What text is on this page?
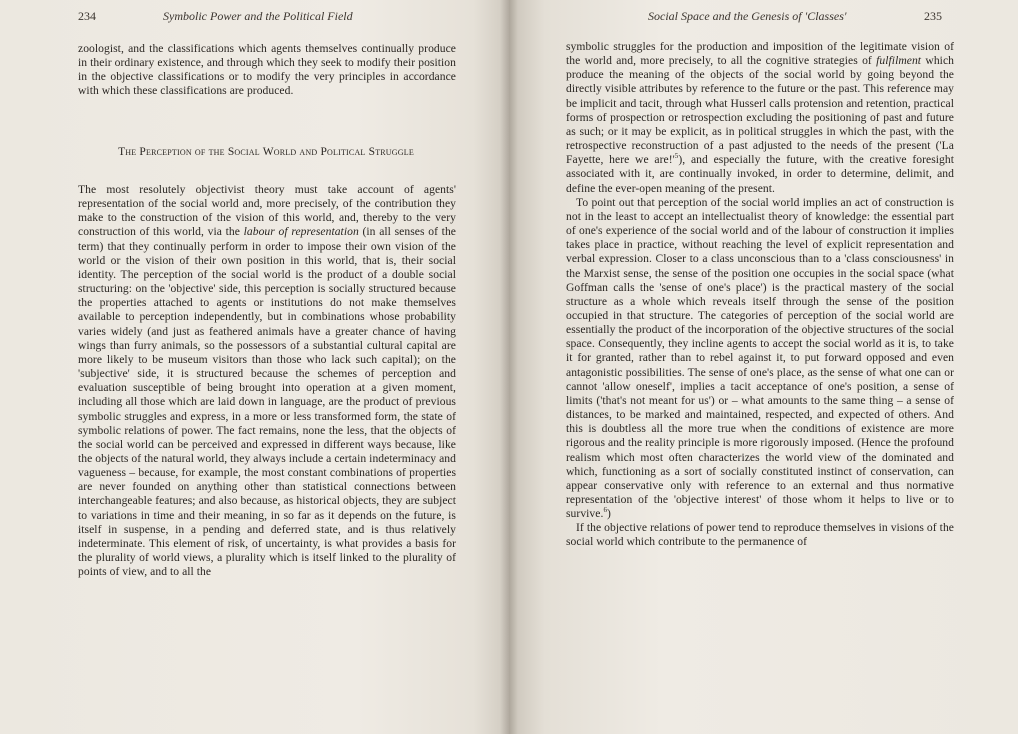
234	Symbolic Power and the Political Field

zoologist, and the classifications which agents themselves continually produce in their ordinary existence, and through which they seek to modify their position in the objective classifications or to modify the very principles in accordance with which these classifications are produced.

The Perception of the Social World and Political Struggle

The most resolutely objectivist theory must take account of agents' representation of the social world and, more precisely, of the contribution they make to the construction of the vision of this world, and, thereby to the very construction of this world, via the labour of representation (in all senses of the term) that they continually perform in order to impose their own vision of the world or the vision of their own position in this world, that is, their social identity. The perception of the social world is the product of a double social structuring: on the 'objective' side, this perception is socially structured because the properties attached to agents or institutions do not make themselves available to perception independently, but in combinations whose probability varies widely (and just as feathered animals have a greater chance of having wings than furry animals, so the possessors of a substantial cultural capital are more likely to be museum visitors than those who lack such capital); on the 'subjective' side, it is structured because the schemes of perception and evaluation susceptible of being brought into operation at a given moment, including all those which are laid down in language, are the product of previous symbolic struggles and express, in a more or less transformed form, the state of symbolic relations of power. The fact remains, none the less, that the objects of the social world can be perceived and expressed in different ways because, like the objects of the natural world, they always include a certain indeterminacy and vagueness – because, for example, the most constant combinations of properties are never founded on anything other than statistical connections between interchangeable features; and also because, as historical objects, they are subject to variations in time and their meaning, in so far as it depends on the future, is itself in suspense, in a pending and deferred state, and is thus relatively indeterminate. This element of risk, of uncertainty, is what provides a basis for the plurality of world views, a plurality which is itself linked to the plurality of points of view, and to all the

Social Space and the Genesis of 'Classes'	235

symbolic struggles for the production and imposition of the legitimate vision of the world and, more precisely, to all the cognitive strategies of fulfilment which produce the meaning of the objects of the social world by going beyond the directly visible attributes by reference to the future or the past. This reference may be implicit and tacit, through what Husserl calls protension and retention, practical forms of prospection or retrospection excluding the positioning of past and future as such; or it may be explicit, as in political struggles in which the past, with the retrospective reconstruction of a past adjusted to the needs of the present ('La Fayette, here we $are!'^5$), and especially the future, with the creative foresight associated with it, are continually invoked, in order to determine, delimit, and define the ever-open meaning of the present.

To point out that perception of the social world implies an act of construction is not in the least to accept an intellectualist theory of knowledge: the essential part of one's experience of the social world and of the labour of construction it implies takes place in practice, without reaching the level of explicit representation and verbal expression. Closer to a class unconscious than to a 'class consciousness' in the Marxist sense, the sense of the position one occupies in the social space (what Goffman calls the 'sense of one's place') is the practical mastery of the social structure as a whole which reveals itself through the sense of the position occupied in that structure. The categories of perception of the social world are essentially the product of the incorporation of the objective structures of the social space. Consequently, they incline agents to accept the social world as it is, to take it for granted, rather than to rebel against it, to put forward opposed and even antagonistic possibilities. The sense of one's place, as the sense of what one can or cannot 'allow oneself', implies a tacit acceptance of one's position, a sense of limits ('that's not meant for us') or – what amounts to the same thing – a sense of distances, to be marked and maintained, respected, and expected of others. And this is doubtless all the more true when the conditions of existence are more rigorous and the reality principle is more rigorously imposed. (Hence the profound realism which most often characterizes the world view of the dominated and which, functioning as a sort of socially constituted instinct of conservation, can appear conservative only with reference to an external and thus normative representation of the 'objective interest' of those whom it helps to live or to survive.$^6$)

If the objective relations of power tend to reproduce themselves in visions of the social world which contribute to the permanence of
